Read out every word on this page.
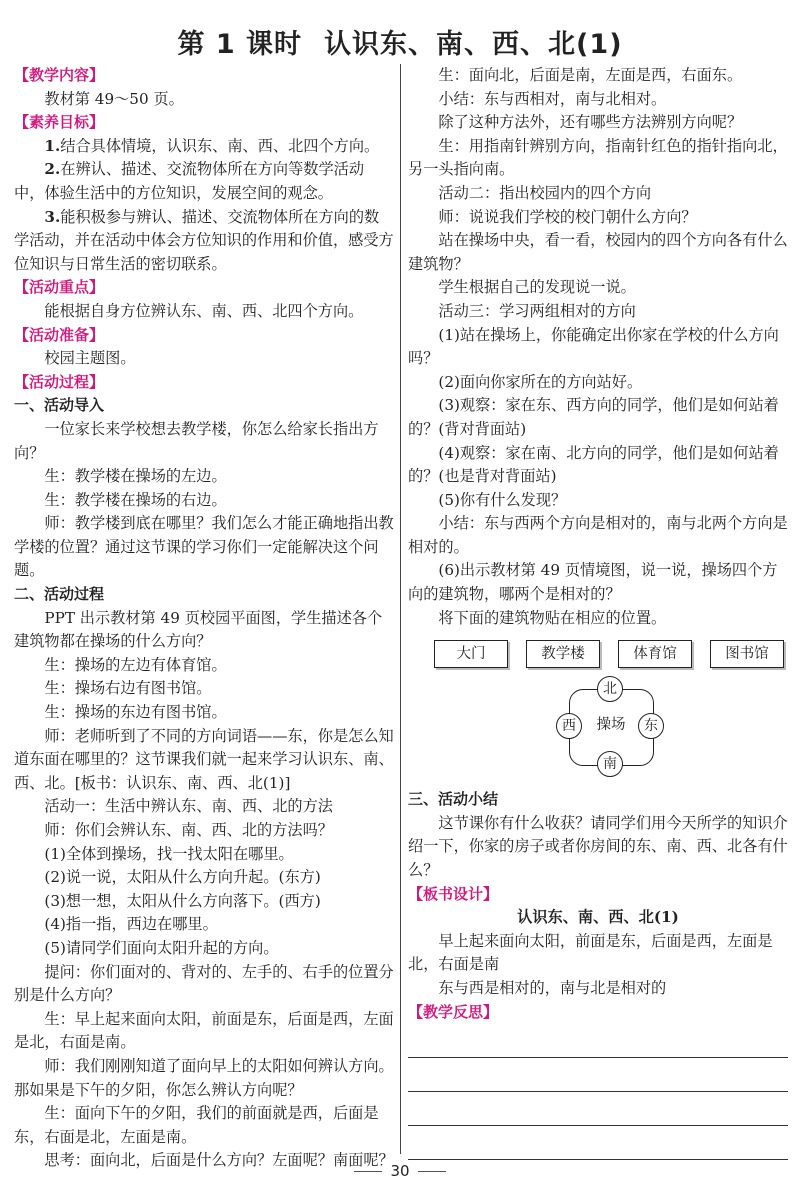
第 1 课时 认识东、南、西、北(1)

【教学内容】

教材第 49～50 页。

【素养目标】

1.结合具体情境，认识东、南、西、北四个方向。

2.在辨认、描述、交流物体所在方向等数学活动中，体验生活中的方位知识，发展空间的观念。

3.能积极参与辨认、描述、交流物体所在方向的数学活动，并在活动中体会方位知识的作用和价值，感受方位知识与日常生活的密切联系。

【活动重点】

能根据自身方位辨认东、南、西、北四个方向。

【活动准备】

校园主题图。

【活动过程】

一、活动导入

一位家长来学校想去教学楼，你怎么给家长指出方向？

生：教学楼在操场的左边。

生：教学楼在操场的右边。

师：教学楼到底在哪里？我们怎么才能正确地指出教学楼的位置？通过这节课的学习你们一定能解决这个问题。

二、活动过程

PPT 出示教材第 49 页校园平面图，学生描述各个建筑物都在操场的什么方向？

生：操场的左边有体育馆。

生：操场右边有图书馆。

生：操场的东边有图书馆。

师：老师听到了不同的方向词语——东，你是怎么知道东面在哪里的？这节课我们就一起来学习认识东、南、西、北。[板书：认识东、南、西、北(1)]

活动一：生活中辨认东、南、西、北的方法

师：你们会辨认东、南、西、北的方法吗？

(1)全体到操场，找一找太阳在哪里。

(2)说一说，太阳从什么方向升起。(东方)

(3)想一想，太阳从什么方向落下。(西方)

(4)指一指，西边在哪里。

(5)请同学们面向太阳升起的方向。

提问：你们面对的、背对的、左手的、右手的位置分别是什么方向？

生：早上起来面向太阳，前面是东，后面是西，左面是北，右面是南。

师：我们刚刚知道了面向早上的太阳如何辨认方向。那如果是下午的夕阳，你怎么辨认方向呢？

生：面向下午的夕阳，我们的前面就是西，后面是东，右面是北，左面是南。

思考：面向北，后面是什么方向？左面呢？南面呢？

生：面向北，后面是南，左面是西，右面东。

小结：东与西相对，南与北相对。

除了这种方法外，还有哪些方法辨别方向呢？

生：用指南针辨别方向，指南针红色的指针指向北，另一头指向南。

活动二：指出校园内的四个方向

师：说说我们学校的校门朝什么方向？

站在操场中央，看一看，校园内的四个方向各有什么建筑物？

学生根据自己的发现说一说。

活动三：学习两组相对的方向

(1)站在操场上，你能确定出你家在学校的什么方向吗？

(2)面向你家所在的方向站好。

(3)观察：家在东、西方向的同学，他们是如何站着的？(背对背面站)

(4)观察：家在南、北方向的同学，他们是如何站着的？(也是背对背面站)

(5)你有什么发现？

小结：东与西两个方向是相对的，南与北两个方向是相对的。

(6)出示教材第 49 页情境图，说一说，操场四个方向的建筑物，哪两个是相对的？

将下面的建筑物贴在相应的位置。

大门	教学楼	体育馆	图书馆
北
南
西	东
操场

三、活动小结

这节课你有什么收获？请同学们用今天所学的知识介绍一下，你家的房子或者你房间的东、南、西、北各有什么？

【板书设计】

认识东、南、西、北(1)

早上起来面向太阳，前面是东，后面是西，左面是北，右面是南

东与西是相对的，南与北是相对的

【教学反思】

30
